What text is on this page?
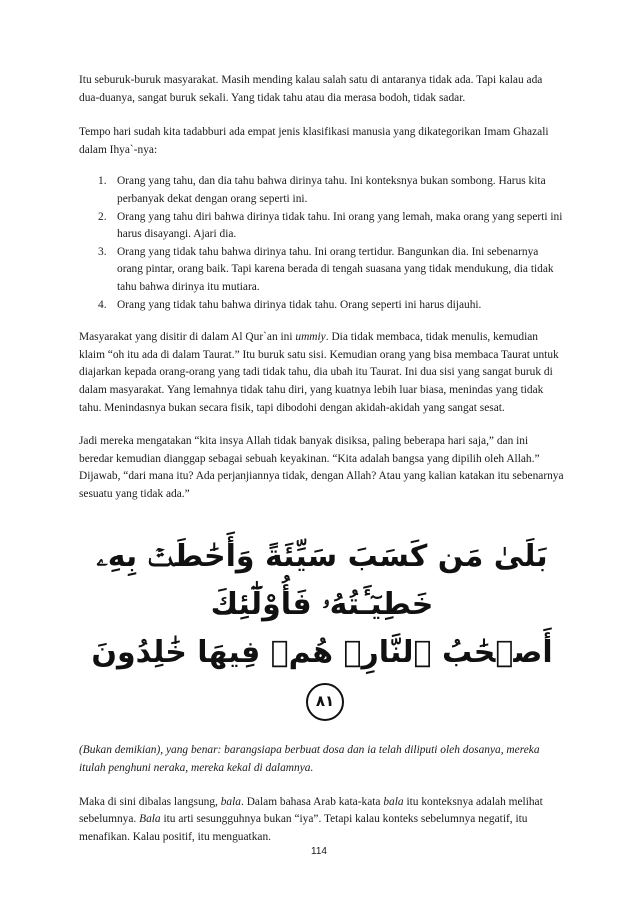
Itu seburuk-buruk masyarakat. Masih mending kalau salah satu di antaranya tidak ada. Tapi kalau ada dua-duanya, sangat buruk sekali. Yang tidak tahu atau dia merasa bodoh, tidak sadar.

Tempo hari sudah kita tadabburi ada empat jenis klasifikasi manusia yang dikategorikan Imam Ghazali dalam Ihya`-nya:

1. Orang yang tahu, dan dia tahu bahwa dirinya tahu. Ini konteksnya bukan sombong. Harus kita perbanyak dekat dengan orang seperti ini.
2. Orang yang tahu diri bahwa dirinya tidak tahu. Ini orang yang lemah, maka orang yang seperti ini harus disayangi. Ajari dia.
3. Orang yang tidak tahu bahwa dirinya tahu. Ini orang tertidur. Bangunkan dia. Ini sebenarnya orang pintar, orang baik. Tapi karena berada di tengah suasana yang tidak mendukung, dia tidak tahu bahwa dirinya itu mutiara.
4. Orang yang tidak tahu bahwa dirinya tidak tahu. Orang seperti ini harus dijauhi.

Masyarakat yang disitir di dalam Al Qur`an ini ummiy. Dia tidak membaca, tidak menulis, kemudian klaim “oh itu ada di dalam Taurat.” Itu buruk satu sisi. Kemudian orang yang bisa membaca Taurat untuk diajarkan kepada orang-orang yang tadi tidak tahu, dia ubah itu Taurat. Ini dua sisi yang sangat buruk di dalam masyarakat. Yang lemahnya tidak tahu diri, yang kuatnya lebih luar biasa, menindas yang tidak tahu. Menindasnya bukan secara fisik, tapi dibodohi dengan akidah-akidah yang sangat sesat.

Jadi mereka mengatakan “kita insya Allah tidak banyak disiksa, paling beberapa hari saja,” dan ini beredar kemudian dianggap sebagai sebuah keyakinan. “Kita adalah bangsa yang dipilih oleh Allah.” Dijawab, “dari mana itu? Ada perjanjiannya tidak, dengan Allah? Atau yang kalian katakan itu sebenarnya sesuatu yang tidak ada.”

بَلَىٰ مَن كَسَبَ سَيِّئَةً وَأَحَٰطَتۡ بِهِۦ خَطِيٓـَٔتُهُۥ فَأُوْلَٰٓئِكَ
أَصۡحَٰبُ ٱلنَّارِۖ هُمۡ فِيهَا خَٰلِدُونَ٨١

(Bukan demikian), yang benar: barangsiapa berbuat dosa dan ia telah diliputi oleh dosanya, mereka itulah penghuni neraka, mereka kekal di dalamnya.

Maka di sini dibalas langsung, bala. Dalam bahasa Arab kata-kata bala itu konteksnya adalah melihat sebelumnya. Bala itu arti sesungguhnya bukan “iya”. Tetapi kalau konteks sebelumnya negatif, itu menafikan. Kalau positif, itu menguatkan.

114
